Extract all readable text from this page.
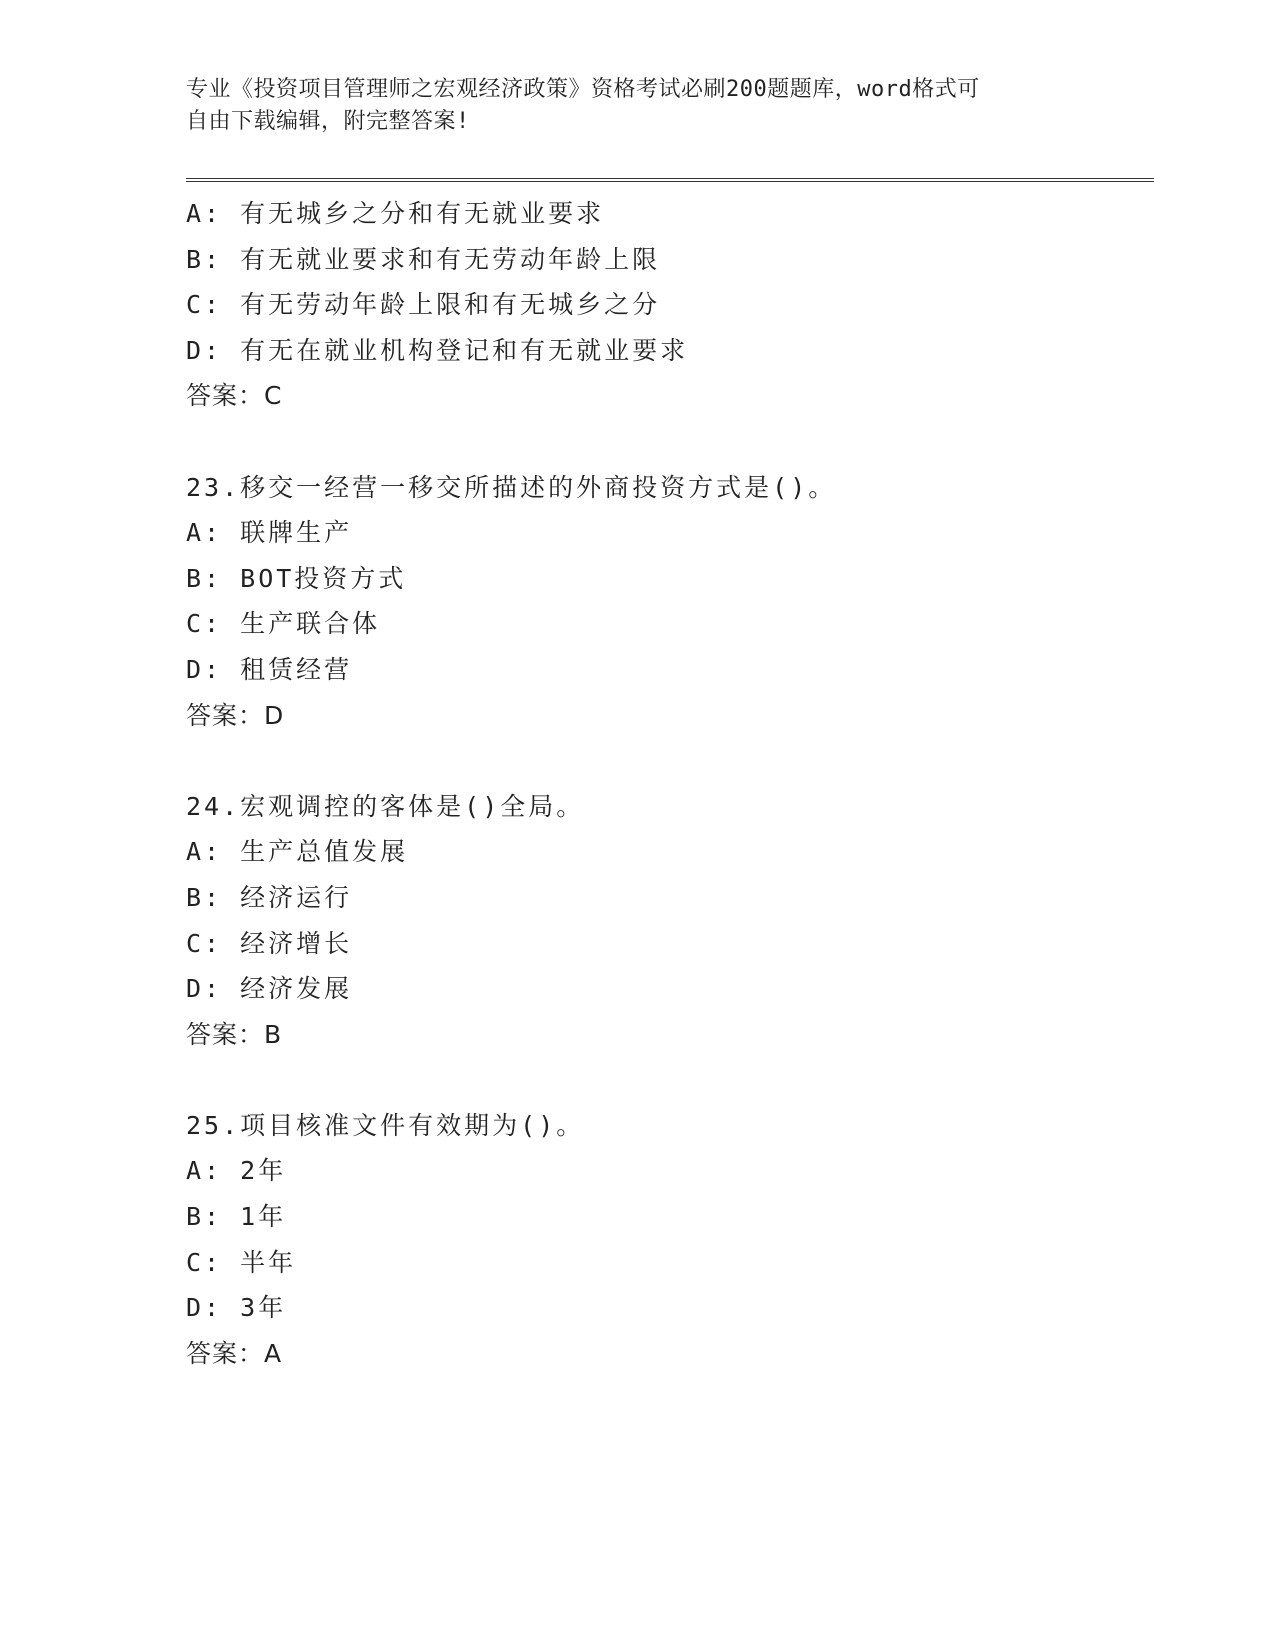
专业《投资项目管理师之宏观经济政策》资格考试必刷200题题库，word格式可
自由下载编辑，附完整答案!
A: 有无城乡之分和有无就业要求
B: 有无就业要求和有无劳动年龄上限
C: 有无劳动年龄上限和有无城乡之分
D: 有无在就业机构登记和有无就业要求
答案：C
23.移交一经营一移交所描述的外商投资方式是()。
A: 联牌生产
B: BOT投资方式
C: 生产联合体
D: 租赁经营
答案：D
24.宏观调控的客体是()全局。
A: 生产总值发展
B: 经济运行
C: 经济增长
D: 经济发展
答案：B
25.项目核准文件有效期为()。
A: 2年
B: 1年
C: 半年
D: 3年
答案：A
